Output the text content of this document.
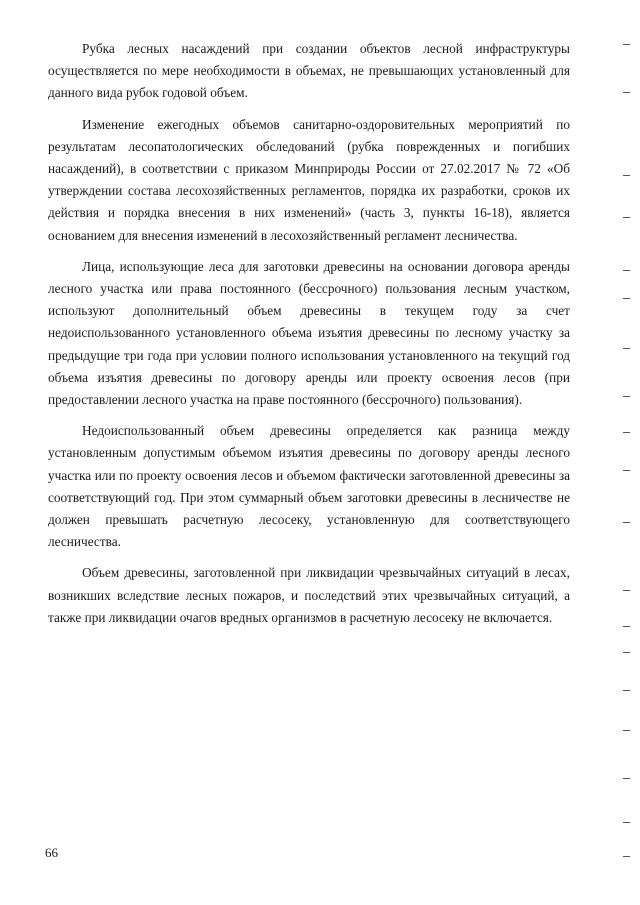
Рубка лесных насаждений при создании объектов лесной инфраструктуры осуществляется по мере необходимости в объемах, не превышающих установленный для данного вида рубок годовой объем.

Изменение ежегодных объемов санитарно-оздоровительных мероприятий по результатам лесопатологических обследований (рубка поврежденных и погибших насаждений), в соответствии с приказом Минприроды России от 27.02.2017 № 72 «Об утверждении состава лесохозяйственных регламентов, порядка их разработки, сроков их действия и порядка внесения в них изменений» (часть 3, пункты 16-18), является основанием для внесения изменений в лесохозяйственный регламент лесничества.

Лица, использующие леса для заготовки древесины на основании договора аренды лесного участка или права постоянного (бессрочного) пользования лесным участком, используют дополнительный объем древесины в текущем году за счет недоиспользованного установленного объема изъятия древесины по лесному участку за предыдущие три года при условии полного использования установленного на текущий год объема изъятия древесины по договору аренды или проекту освоения лесов (при предоставлении лесного участка на праве постоянного (бессрочного) пользования).

Недоиспользованный объем древесины определяется как разница между установленным допустимым объемом изъятия древесины по договору аренды лесного участка или по проекту освоения лесов и объемом фактически заготовленной древесины за соответствующий год. При этом суммарный объем заготовки древесины в лесничестве не должен превышать расчетную лесосеку, установленную для соответствующего лесничества.

Объем древесины, заготовленной при ликвидации чрезвычайных ситуаций в лесах, возникших вследствие лесных пожаров, и последствий этих чрезвычайных ситуаций, а также при ликвидации очагов вредных организмов в расчетную лесосеку не включается.

66
